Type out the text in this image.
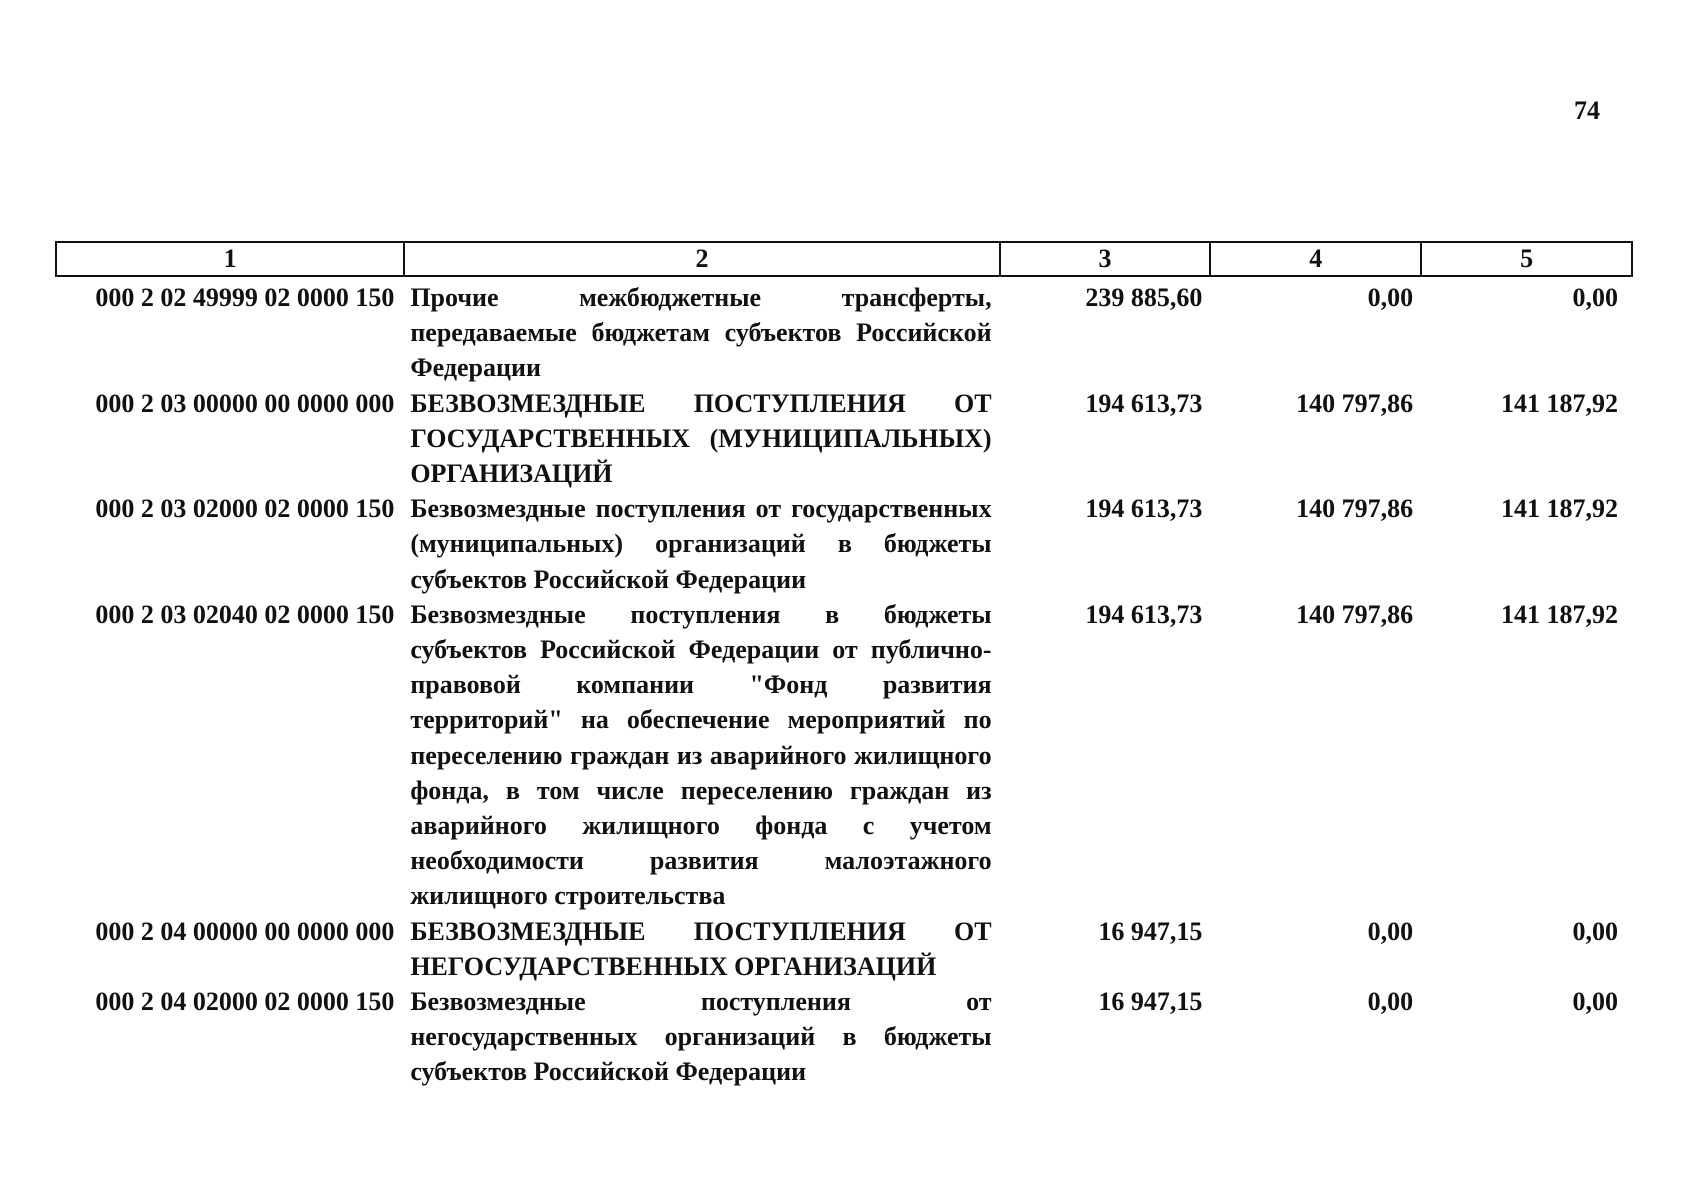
74
1	2	3	4	5
000 2 02 49999 02 0000 150	Прочие межбюджетные трансферты, передаваемые бюджетам субъектов Российской Федерации	239 885,60	0,00	0,00
000 2 03 00000 00 0000 000	БЕЗВОЗМЕЗДНЫЕ ПОСТУПЛЕНИЯ ОТ ГОСУДАРСТВЕННЫХ (МУНИЦИПАЛЬНЫХ) ОРГАНИЗАЦИЙ	194 613,73	140 797,86	141 187,92
000 2 03 02000 02 0000 150	Безвозмездные поступления от государственных (муниципальных) организаций в бюджеты субъектов Российской Федерации	194 613,73	140 797,86	141 187,92
000 2 03 02040 02 0000 150	Безвозмездные поступления в бюджеты субъектов Российской Федерации от публично-правовой компании "Фонд развития территорий" на обеспечение мероприятий по переселению граждан из аварийного жилищного фонда, в том числе переселению граждан из аварийного жилищного фонда с учетом необходимости развития малоэтажного жилищного строительства	194 613,73	140 797,86	141 187,92
000 2 04 00000 00 0000 000	БЕЗВОЗМЕЗДНЫЕ ПОСТУПЛЕНИЯ ОТ НЕГОСУДАРСТВЕННЫХ ОРГАНИЗАЦИЙ	16 947,15	0,00	0,00
000 2 04 02000 02 0000 150	Безвозмездные поступления от негосударственных организаций в бюджеты субъектов Российской Федерации	16 947,15	0,00	0,00
